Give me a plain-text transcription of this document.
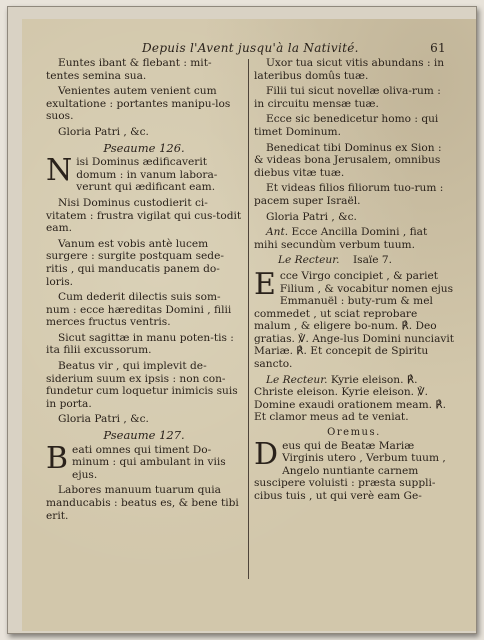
Depuis l'Avent jusqu'à la Nativité.	61

Euntes ibant & flebant : mit-

tentes semina sua.

Venientes autem venient cum exultatione : portantes manipu-los suos.

Gloria Patri , &c.

Pseaume 126.

Nisi Dominus ædificaverit domum : in vanum labora-verunt qui ædificant eam.

Nisi Dominus custodierit ci-vitatem : frustra vigilat qui cus-todit eam.

Vanum est vobis antè lucem surgere : surgite postquam sede-ritis , qui manducatis panem do-loris.

Cum dederit dilectis suis som-num : ecce hæreditas Domini , filii merces fructus ventris.

Sicut sagittæ in manu poten-tis : ita filii excussorum.

Beatus vir , qui implevit de-siderium suum ex ipsis : non con-fundetur cum loquetur inimicis suis in porta.

Gloria Patri , &c.

Pseaume 127.

Beati omnes qui timent Do-minum : qui ambulant in viis ejus.

Labores manuum tuarum quia manducabis : beatus es, & bene tibi erit.

Uxor tua sicut vitis abundans : in lateribus domûs tuæ.

Filii tui sicut novellæ oliva-rum : in circuitu mensæ tuæ.

Ecce sic benedicetur homo : qui timet Dominum.

Benedicat tibi Dominus ex Sion : & videas bona Jerusalem, omnibus diebus vitæ tuæ.

Et videas filios filiorum tuo-rum : pacem super Israël.

Gloria Patri , &c.

Ant. Ecce Ancilla Domini , fiat mihi secundùm verbum tuum.

Le Recteur. Isaïe 7.

Ecce Virgo concipiet , & pariet Filium , & vocabitur nomen ejus Emmanuël : buty-rum & mel commedet , ut sciat reprobare malum , & eligere bo-num. ℟. Deo gratias. ℣. Ange-lus Domini nunciavit Mariæ. ℟. Et concepit de Spiritu sancto.

Le Recteur. Kyrie eleison. ℟. Christe eleison. Kyrie eleison. ℣. Domine exaudi orationem meam. ℟. Et clamor meus ad te veniat.

Oremus.

Deus qui de Beatæ Mariæ Virginis utero , Verbum tuum , Angelo nuntiante carnem suscipere voluisti : præsta suppli-cibus tuis , ut qui verè eam Ge-
